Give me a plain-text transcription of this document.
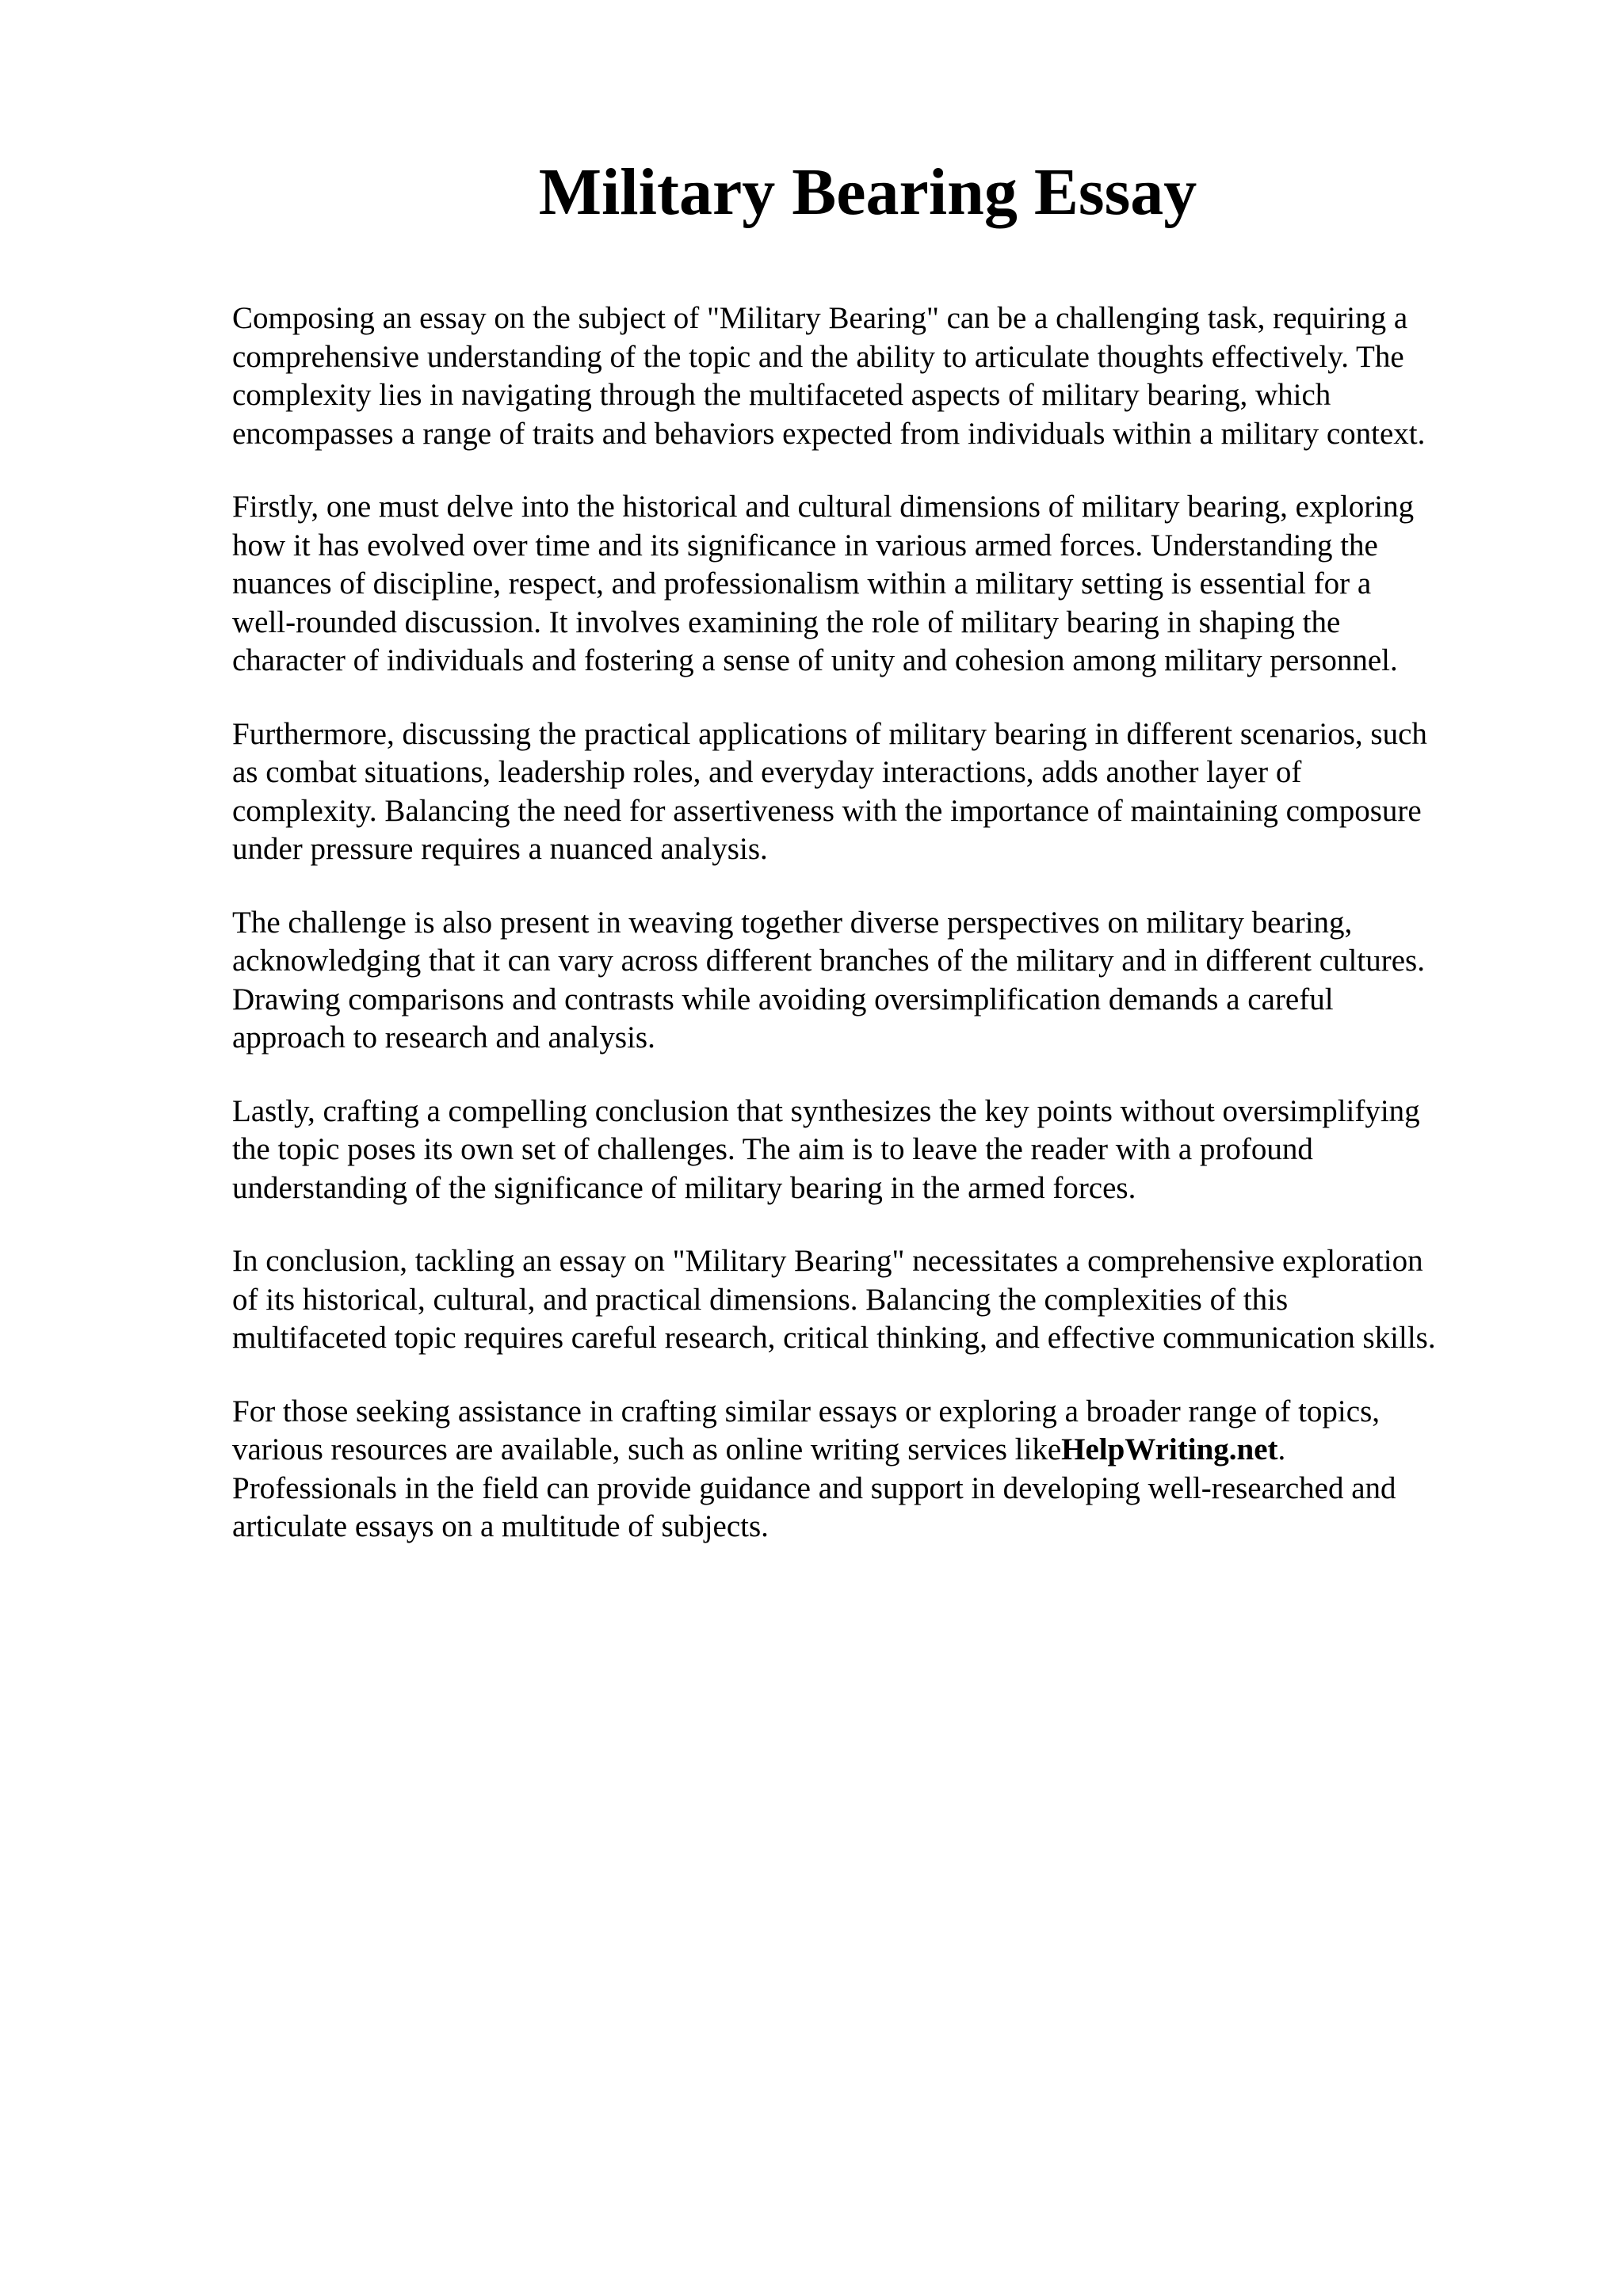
Military Bearing Essay

Composing an essay on the subject of "Military Bearing" can be a challenging task, requiring a
comprehensive understanding of the topic and the ability to articulate thoughts effectively. The
complexity lies in navigating through the multifaceted aspects of military bearing, which
encompasses a range of traits and behaviors expected from individuals within a military context.

Firstly, one must delve into the historical and cultural dimensions of military bearing, exploring
how it has evolved over time and its significance in various armed forces. Understanding the
nuances of discipline, respect, and professionalism within a military setting is essential for a
well-rounded discussion. It involves examining the role of military bearing in shaping the
character of individuals and fostering a sense of unity and cohesion among military personnel.

Furthermore, discussing the practical applications of military bearing in different scenarios, such
as combat situations, leadership roles, and everyday interactions, adds another layer of
complexity. Balancing the need for assertiveness with the importance of maintaining composure
under pressure requires a nuanced analysis.

The challenge is also present in weaving together diverse perspectives on military bearing,
acknowledging that it can vary across different branches of the military and in different cultures.
Drawing comparisons and contrasts while avoiding oversimplification demands a careful
approach to research and analysis.

Lastly, crafting a compelling conclusion that synthesizes the key points without oversimplifying
the topic poses its own set of challenges. The aim is to leave the reader with a profound
understanding of the significance of military bearing in the armed forces.

In conclusion, tackling an essay on "Military Bearing" necessitates a comprehensive exploration
of its historical, cultural, and practical dimensions. Balancing the complexities of this
multifaceted topic requires careful research, critical thinking, and effective communication skills.

For those seeking assistance in crafting similar essays or exploring a broader range of topics,
various resources are available, such as online writing services likeHelpWriting.net.
Professionals in the field can provide guidance and support in developing well-researched and
articulate essays on a multitude of subjects.
